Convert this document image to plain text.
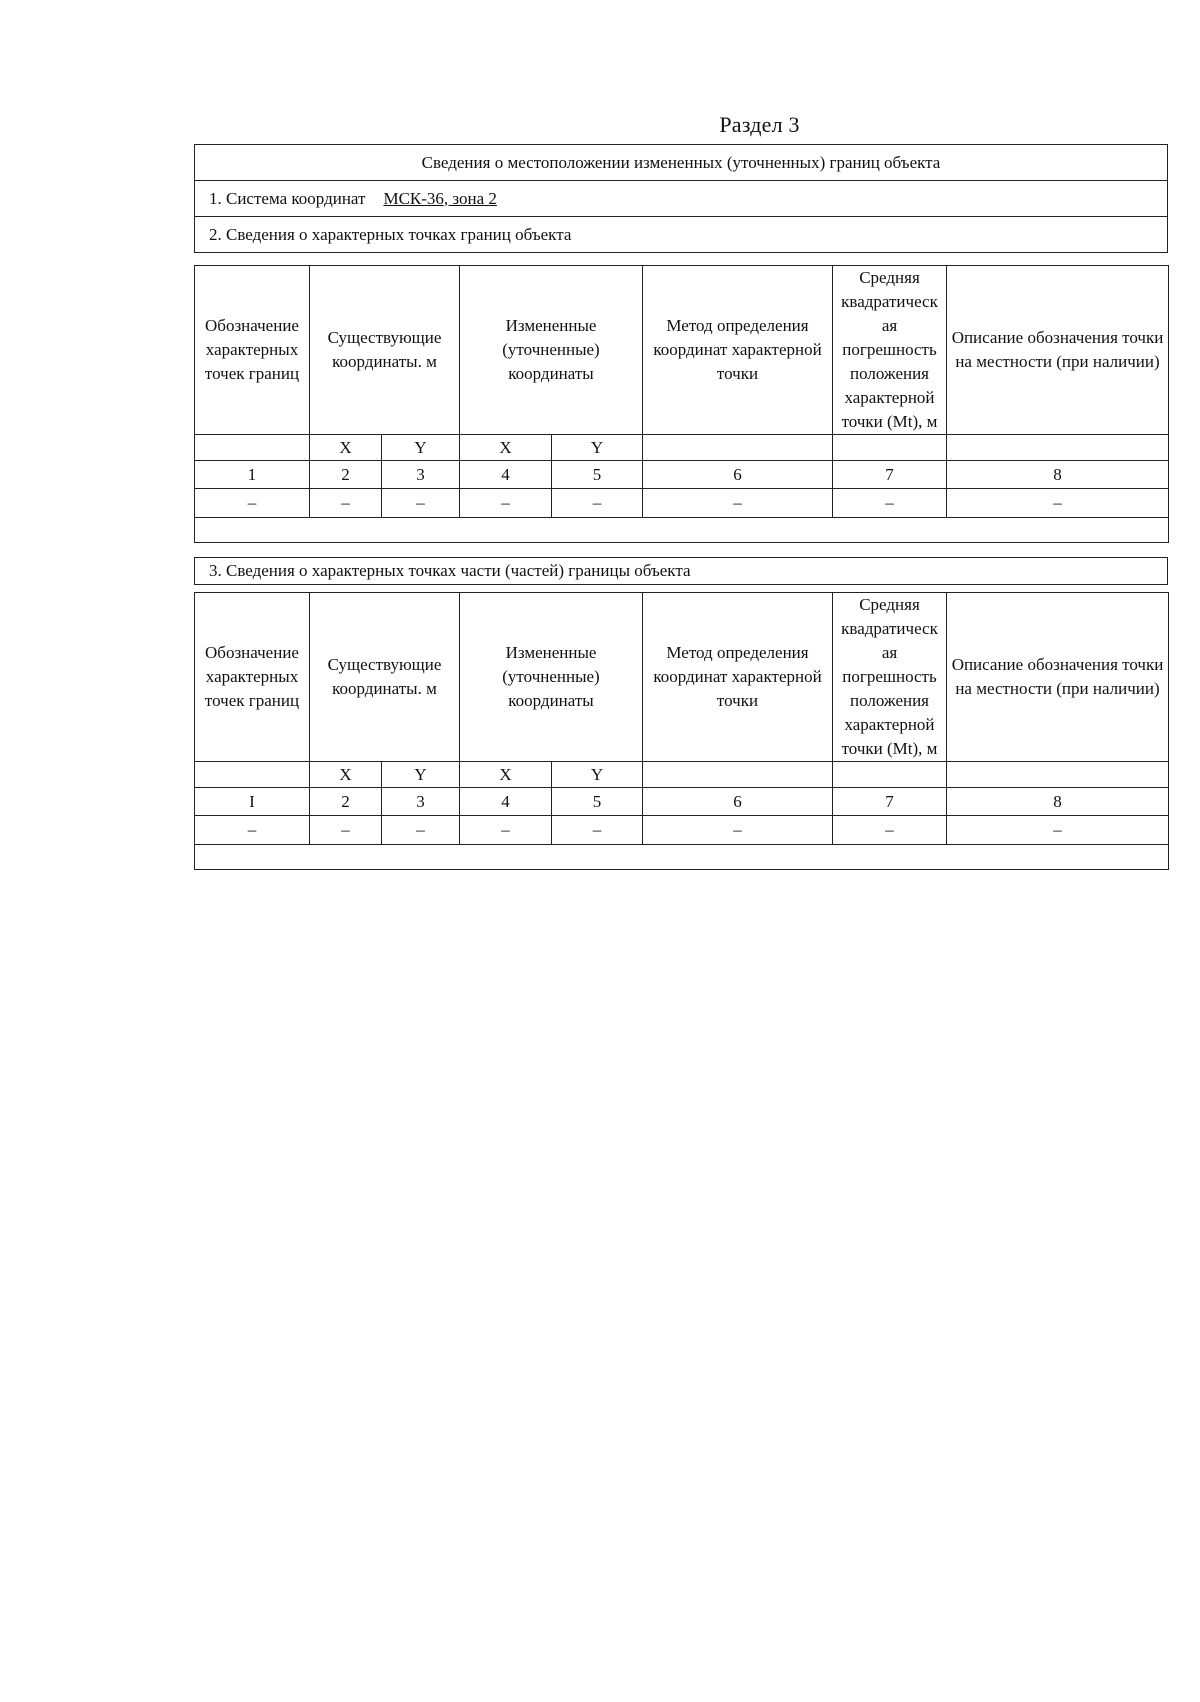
Раздел 3
Сведения о местоположении измененных (уточненных) границ объекта
1. Система координат МСК-36, зона 2
2. Сведения о характерных точках границ объекта
Обозначение характерных точек границ	Существующие координаты. м		Измененные (уточненные) координаты		Метод определения координат характерной точки	Средняя квадратическ ая погрешность положения характерной точки (Mt), м	Описание обозначения точки на местности (при наличии)
	X	Y	X	Y			
1	2	3	4	5	6	7	8
–	–	–	–	–	–	–	–

3. Сведения о характерных точках части (частей) границы объекта
Обозначение характерных точек границ	Существующие координаты. м		Измененные (уточненные) координаты		Метод определения координат характерной точки	Средняя квадратическ ая погрешность положения характерной точки (Mt), м	Описание обозначения точки на местности (при наличии)
	X	Y	X	Y			
I	2	3	4	5	6	7	8
–	–	–	–	–	–	–	–
